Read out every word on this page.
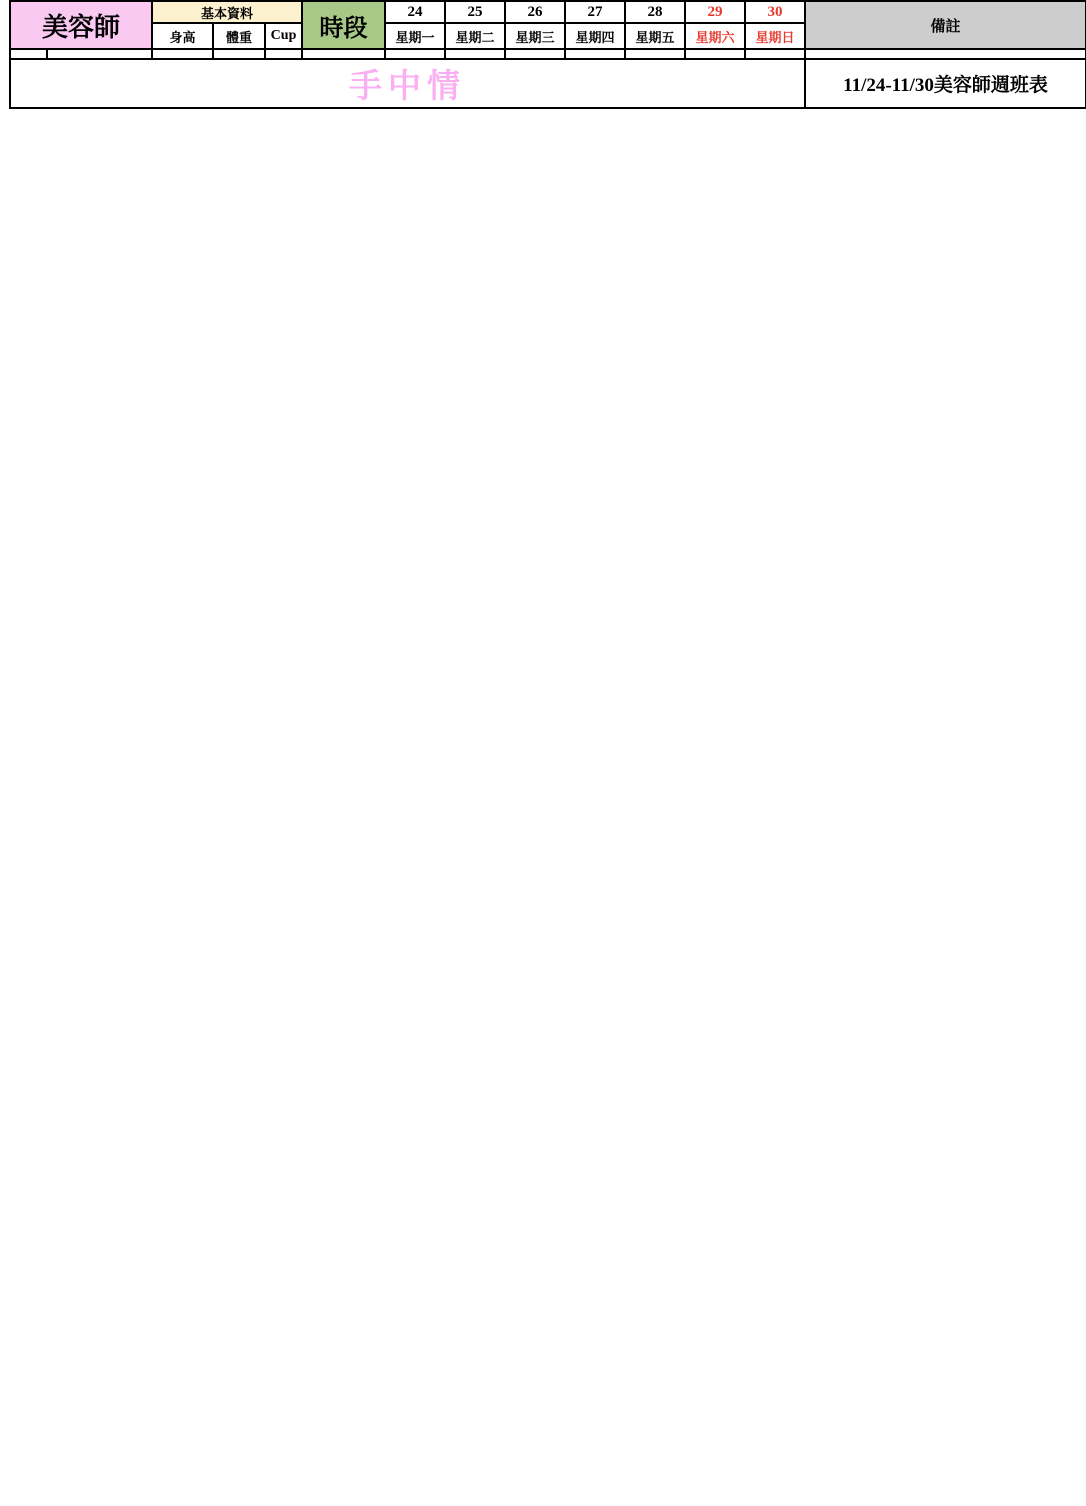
手中情													11/24-11/30美容師週班表
美容師		基本資料			時段	24	25	26	27	28	29	30	備註
		身高	體重	Cup		星期一	星期二	星期三	星期四	星期五	星期六	星期日	
